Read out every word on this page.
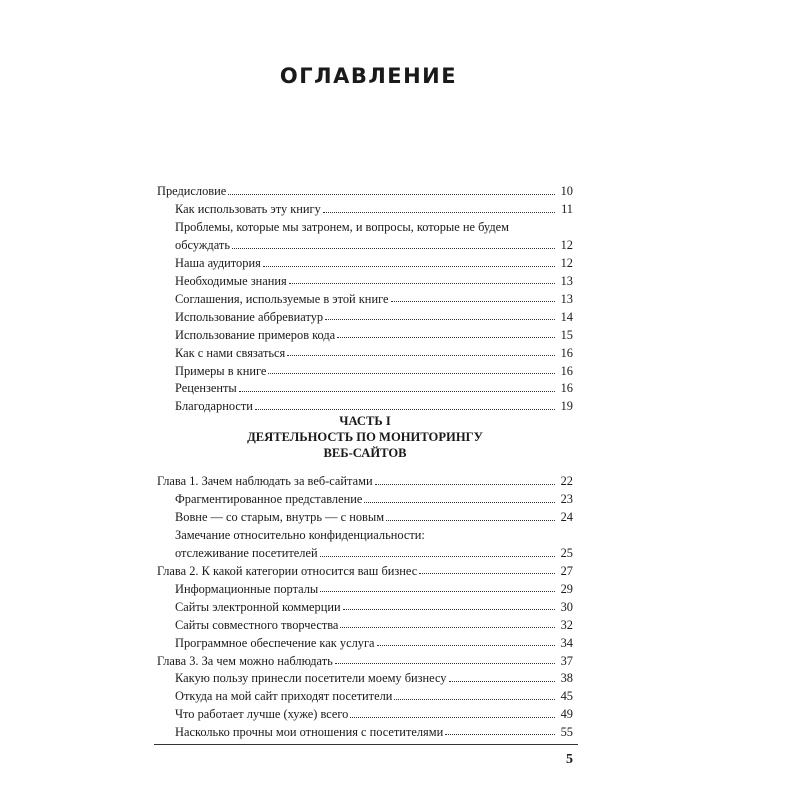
ОГЛАВЛЕНИЕ
Предисловие	10
Как использовать эту книгу	11
Проблемы, которые мы затронем, и вопросы, которые не будем
обсуждать	12
Наша аудитория	12
Необходимые знания	13
Соглашения, используемые в этой книге	13
Использование аббревиатур	14
Использование примеров кода	15
Как с нами связаться	16
Примеры в книге	16
Рецензенты	16
Благодарности	19
ЧАСТЬ I
ДЕЯТЕЛЬНОСТЬ ПО МОНИТОРИНГУ
ВЕБ-САЙТОВ
Глава 1. Зачем наблюдать за веб-сайтами	22
Фрагментированное представление	23
Вовне — со старым, внутрь — с новым	24
Замечание относительно конфиденциальности:
отслеживание посетителей	25
Глава 2. К какой категории относится ваш бизнес	27
Информационные порталы	29
Сайты электронной коммерции	30
Сайты совместного творчества	32
Программное обеспечение как услуга	34
Глава 3. За чем можно наблюдать	37
Какую пользу принесли посетители моему бизнесу	38
Откуда на мой сайт приходят посетители	45
Что работает лучше (хуже) всего	49
Насколько прочны мои отношения с посетителями	55
5
